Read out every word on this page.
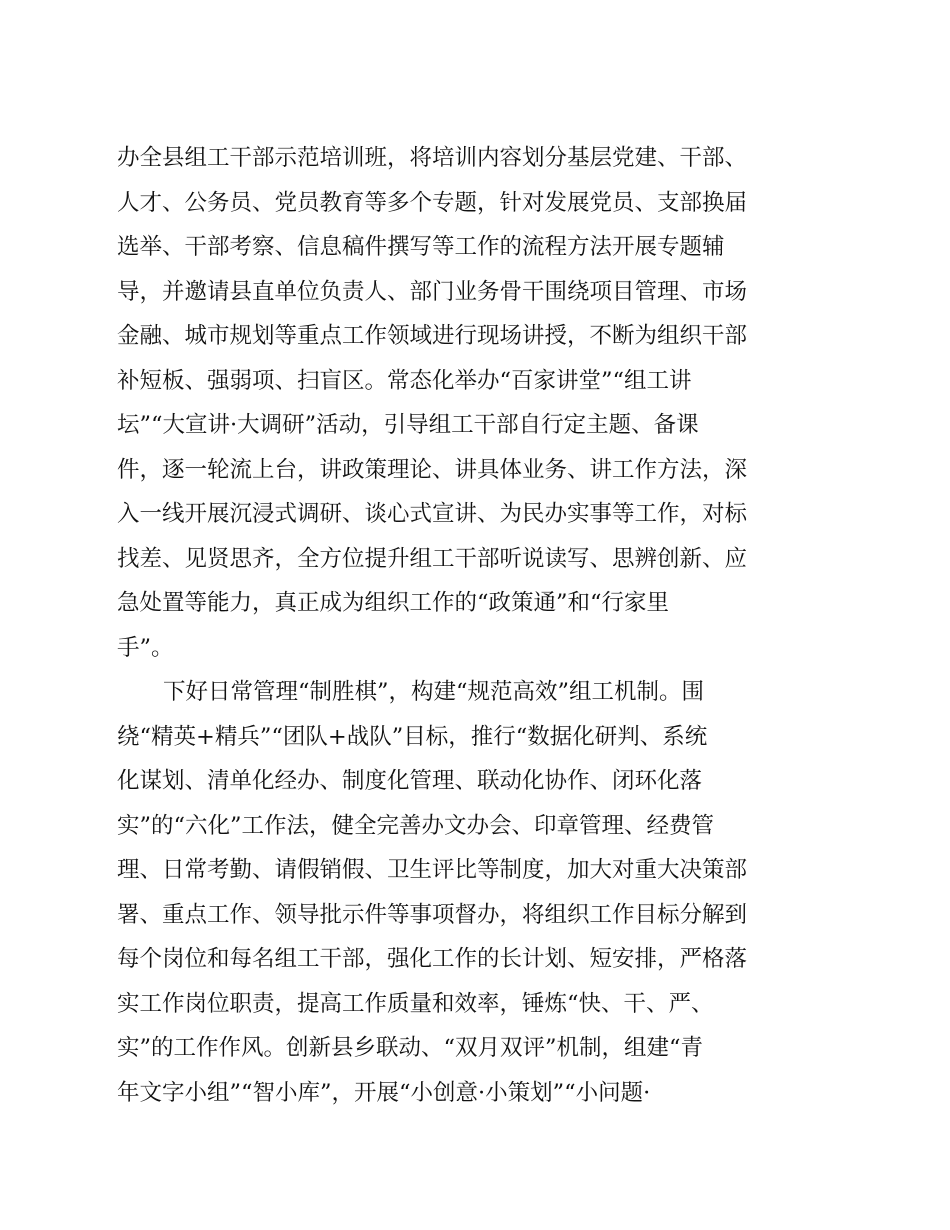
办全县组工干部示范培训班，将培训内容划分基层党建、干部、
人才、公务员、党员教育等多个专题，针对发展党员、支部换届
选举、干部考察、信息稿件撰写等工作的流程方法开展专题辅
导，并邀请县直单位负责人、部门业务骨干围绕项目管理、市场
金融、城市规划等重点工作领域进行现场讲授，不断为组织干部
补短板、强弱项、扫盲区。常态化举办“百家讲堂”“组工讲
坛”“大宣讲·大调研”活动，引导组工干部自行定主题、备课
件，逐一轮流上台，讲政策理论、讲具体业务、讲工作方法，深
入一线开展沉浸式调研、谈心式宣讲、为民办实事等工作，对标
找差、见贤思齐，全方位提升组工干部听说读写、思辨创新、应
急处置等能力，真正成为组织工作的“政策通”和“行家里
手”。
下好日常管理“制胜棋”，构建“规范高效”组工机制。围
绕“精英+精兵”“团队+战队”目标，推行“数据化研判、系统
化谋划、清单化经办、制度化管理、联动化协作、闭环化落
实”的“六化”工作法，健全完善办文办会、印章管理、经费管
理、日常考勤、请假销假、卫生评比等制度，加大对重大决策部
署、重点工作、领导批示件等事项督办，将组织工作目标分解到
每个岗位和每名组工干部，强化工作的长计划、短安排，严格落
实工作岗位职责，提高工作质量和效率，锤炼“快、干、严、
实”的工作作风。创新县乡联动、“双月双评”机制，组建“青
年文字小组”“智小库”，开展“小创意·小策划”“小问题·
